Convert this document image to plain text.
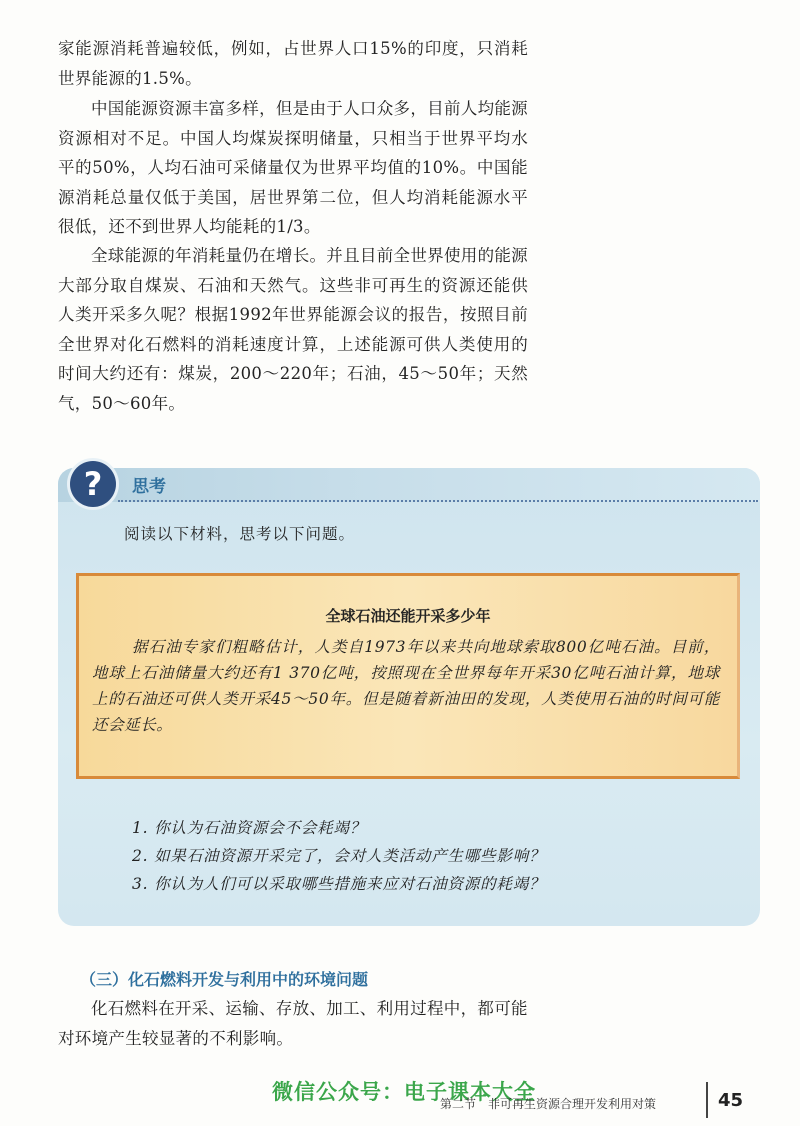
家能源消耗普遍较低，例如，占世界人口15%的印度，只消耗世界能源的1.5%。

中国能源资源丰富多样，但是由于人口众多，目前人均能源资源相对不足。中国人均煤炭探明储量，只相当于世界平均水平的50%，人均石油可采储量仅为世界平均值的10%。中国能源消耗总量仅低于美国，居世界第二位，但人均消耗能源水平很低，还不到世界人均能耗的1/3。

全球能源的年消耗量仍在增长。并且目前全世界使用的能源大部分取自煤炭、石油和天然气。这些非可再生的资源还能供人类开采多久呢？根据1992年世界能源会议的报告，按照目前全世界对化石燃料的消耗速度计算，上述能源可供人类使用的时间大约还有：煤炭，200～220年；石油，45～50年；天然气，50～60年。

?	思考

阅读以下材料，思考以下问题。

全球石油还能开采多少年

据石油专家们粗略估计，人类自1973年以来共向地球索取800亿吨石油。目前，地球上石油储量大约还有1 370亿吨，按照现在全世界每年开采30亿吨石油计算，地球上的石油还可供人类开采45～50年。但是随着新油田的发现，人类使用石油的时间可能还会延长。

1. 你认为石油资源会不会耗竭？
2. 如果石油资源开采完了，会对人类活动产生哪些影响？
3. 你认为人们可以采取哪些措施来应对石油资源的耗竭？
（三）化石燃料开发与利用中的环境问题

化石燃料在开采、运输、存放、加工、利用过程中，都可能对环境产生较显著的不利影响。

微信公众号：电子课本大全
第二节　非可再生资源合理开发利用对策	45
